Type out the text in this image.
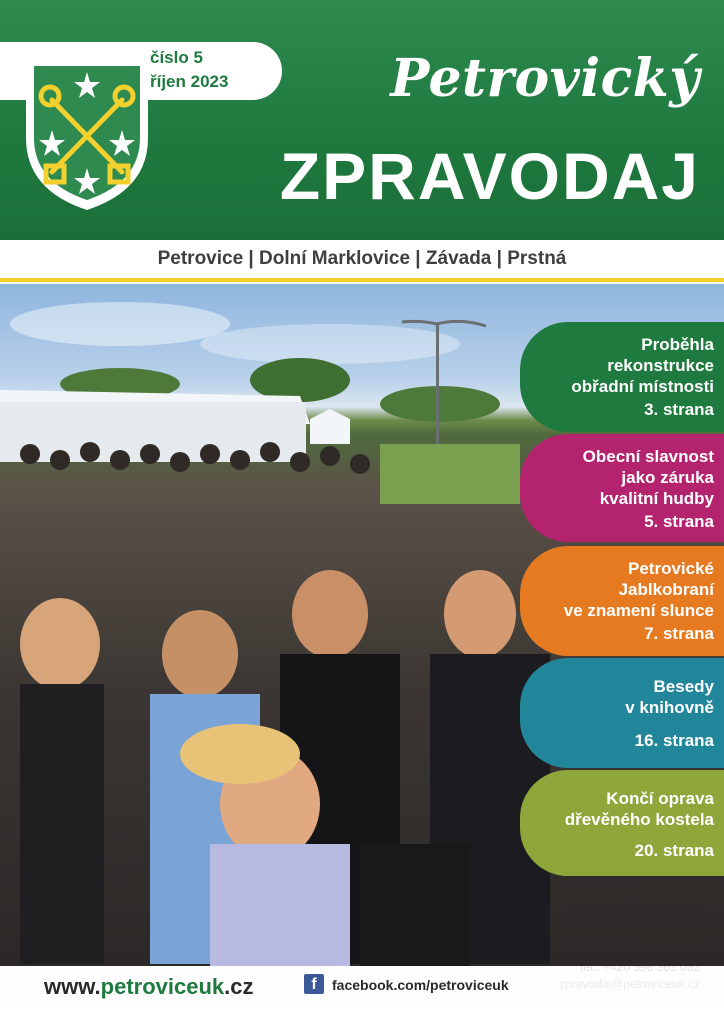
číslo 5
říjen 2023	Petrovický
ZPRAVODAJ
Petrovice | Dolní Marklovice | Závada | Prstná
Proběhla
rekonstrukce
obřadní místnosti
3. strana
Obecní slavnost
jako záruka
kvalitní hudby
5. strana
Petrovické
Jablkobraní
ve znamení slunce
7. strana
Besedy
v knihovně
16. strana
Končí oprava
dřevěného kostela
20. strana
Petrovice u Karviné 251
735 72 Petrovice u Karviné
IČ 002 97 585
www.petroviceuk.cz	f	facebook.com/petroviceuk
